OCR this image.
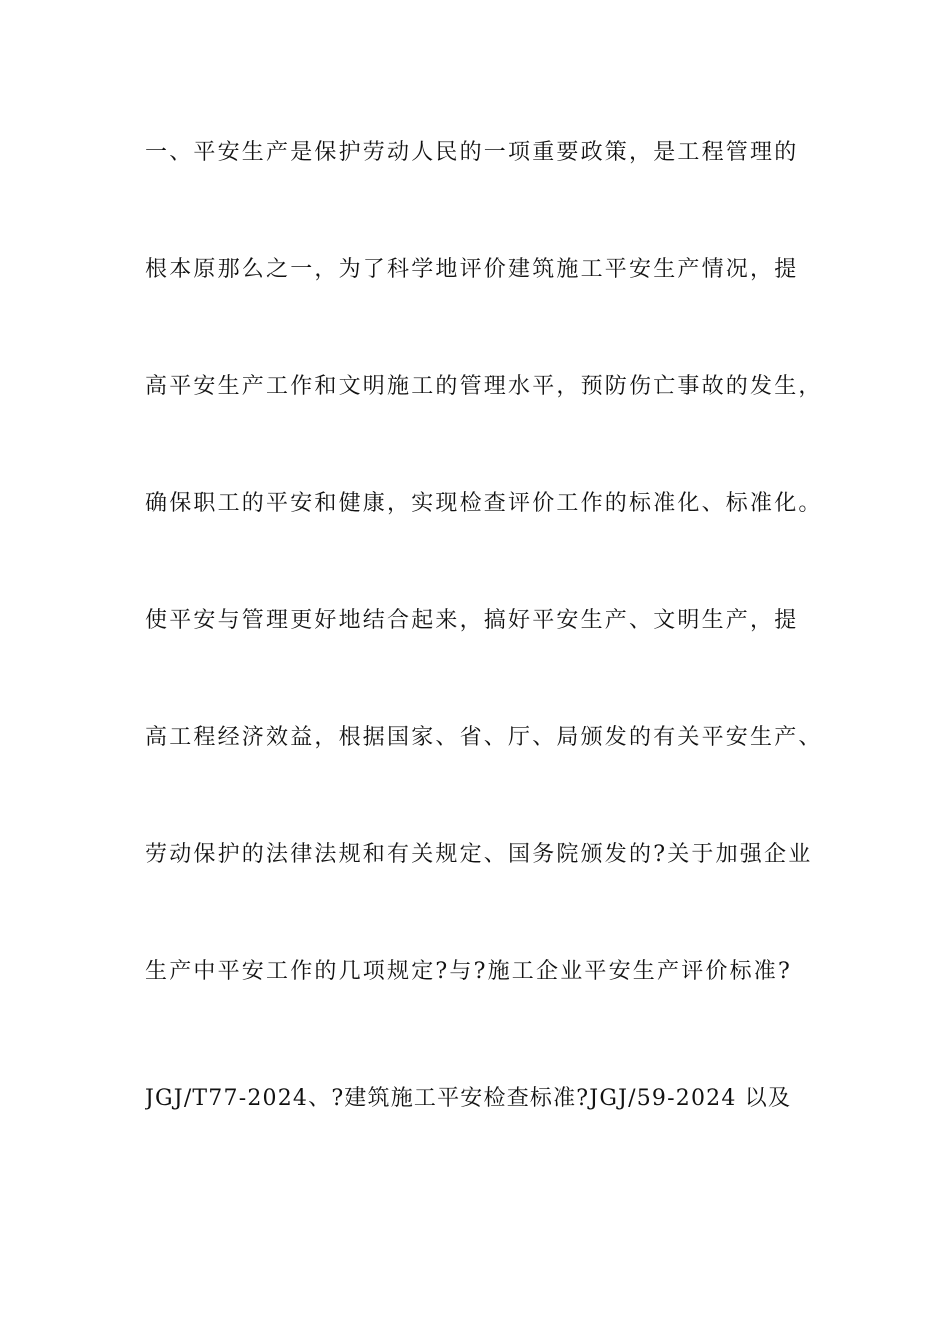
一、平安生产是保护劳动人民的一项重要政策，是工程管理的
根本原那么之一，为了科学地评价建筑施工平安生产情况，提
高平安生产工作和文明施工的管理水平，预防伤亡事故的发生，
确保职工的平安和健康，实现检查评价工作的标准化、标准化。
使平安与管理更好地结合起来，搞好平安生产、文明生产，提
高工程经济效益，根据国家、省、厅、局颁发的有关平安生产、
劳动保护的法律法规和有关规定、国务院颁发的?关于加强企业
生产中平安工作的几项规定?与?施工企业平安生产评价标准?
JGJ/T77-2024、?建筑施工平安检查标准?JGJ/59-2024 以及
